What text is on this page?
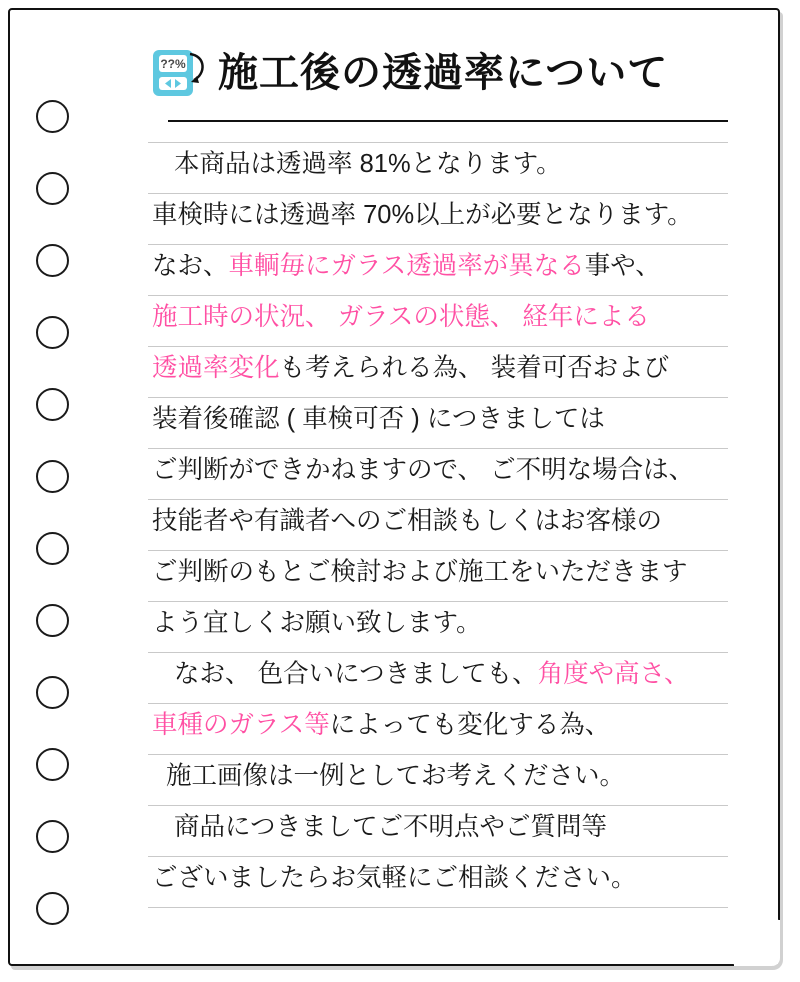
??% 施工後の透過率について
本商品は透過率 81%となります。
車検時には透過率 70%以上が必要となります。
なお、車輌毎にガラス透過率が異なる事や、
施工時の状況、 ガラスの状態、 経年による
透過率変化も考えられる為、 装着可否および
装着後確認 ( 車検可否 ) につきましては
ご判断ができかねますので、 ご不明な場合は、
技能者や有識者へのご相談もしくはお客様の
ご判断のもとご検討および施工をいただきます
よう宜しくお願い致します。
なお、 色合いにつきましても、角度や高さ、
車種のガラス等によっても変化する為、
施工画像は一例としてお考えください。
商品につきましてご不明点やご質問等
ございましたらお気軽にご相談ください。
